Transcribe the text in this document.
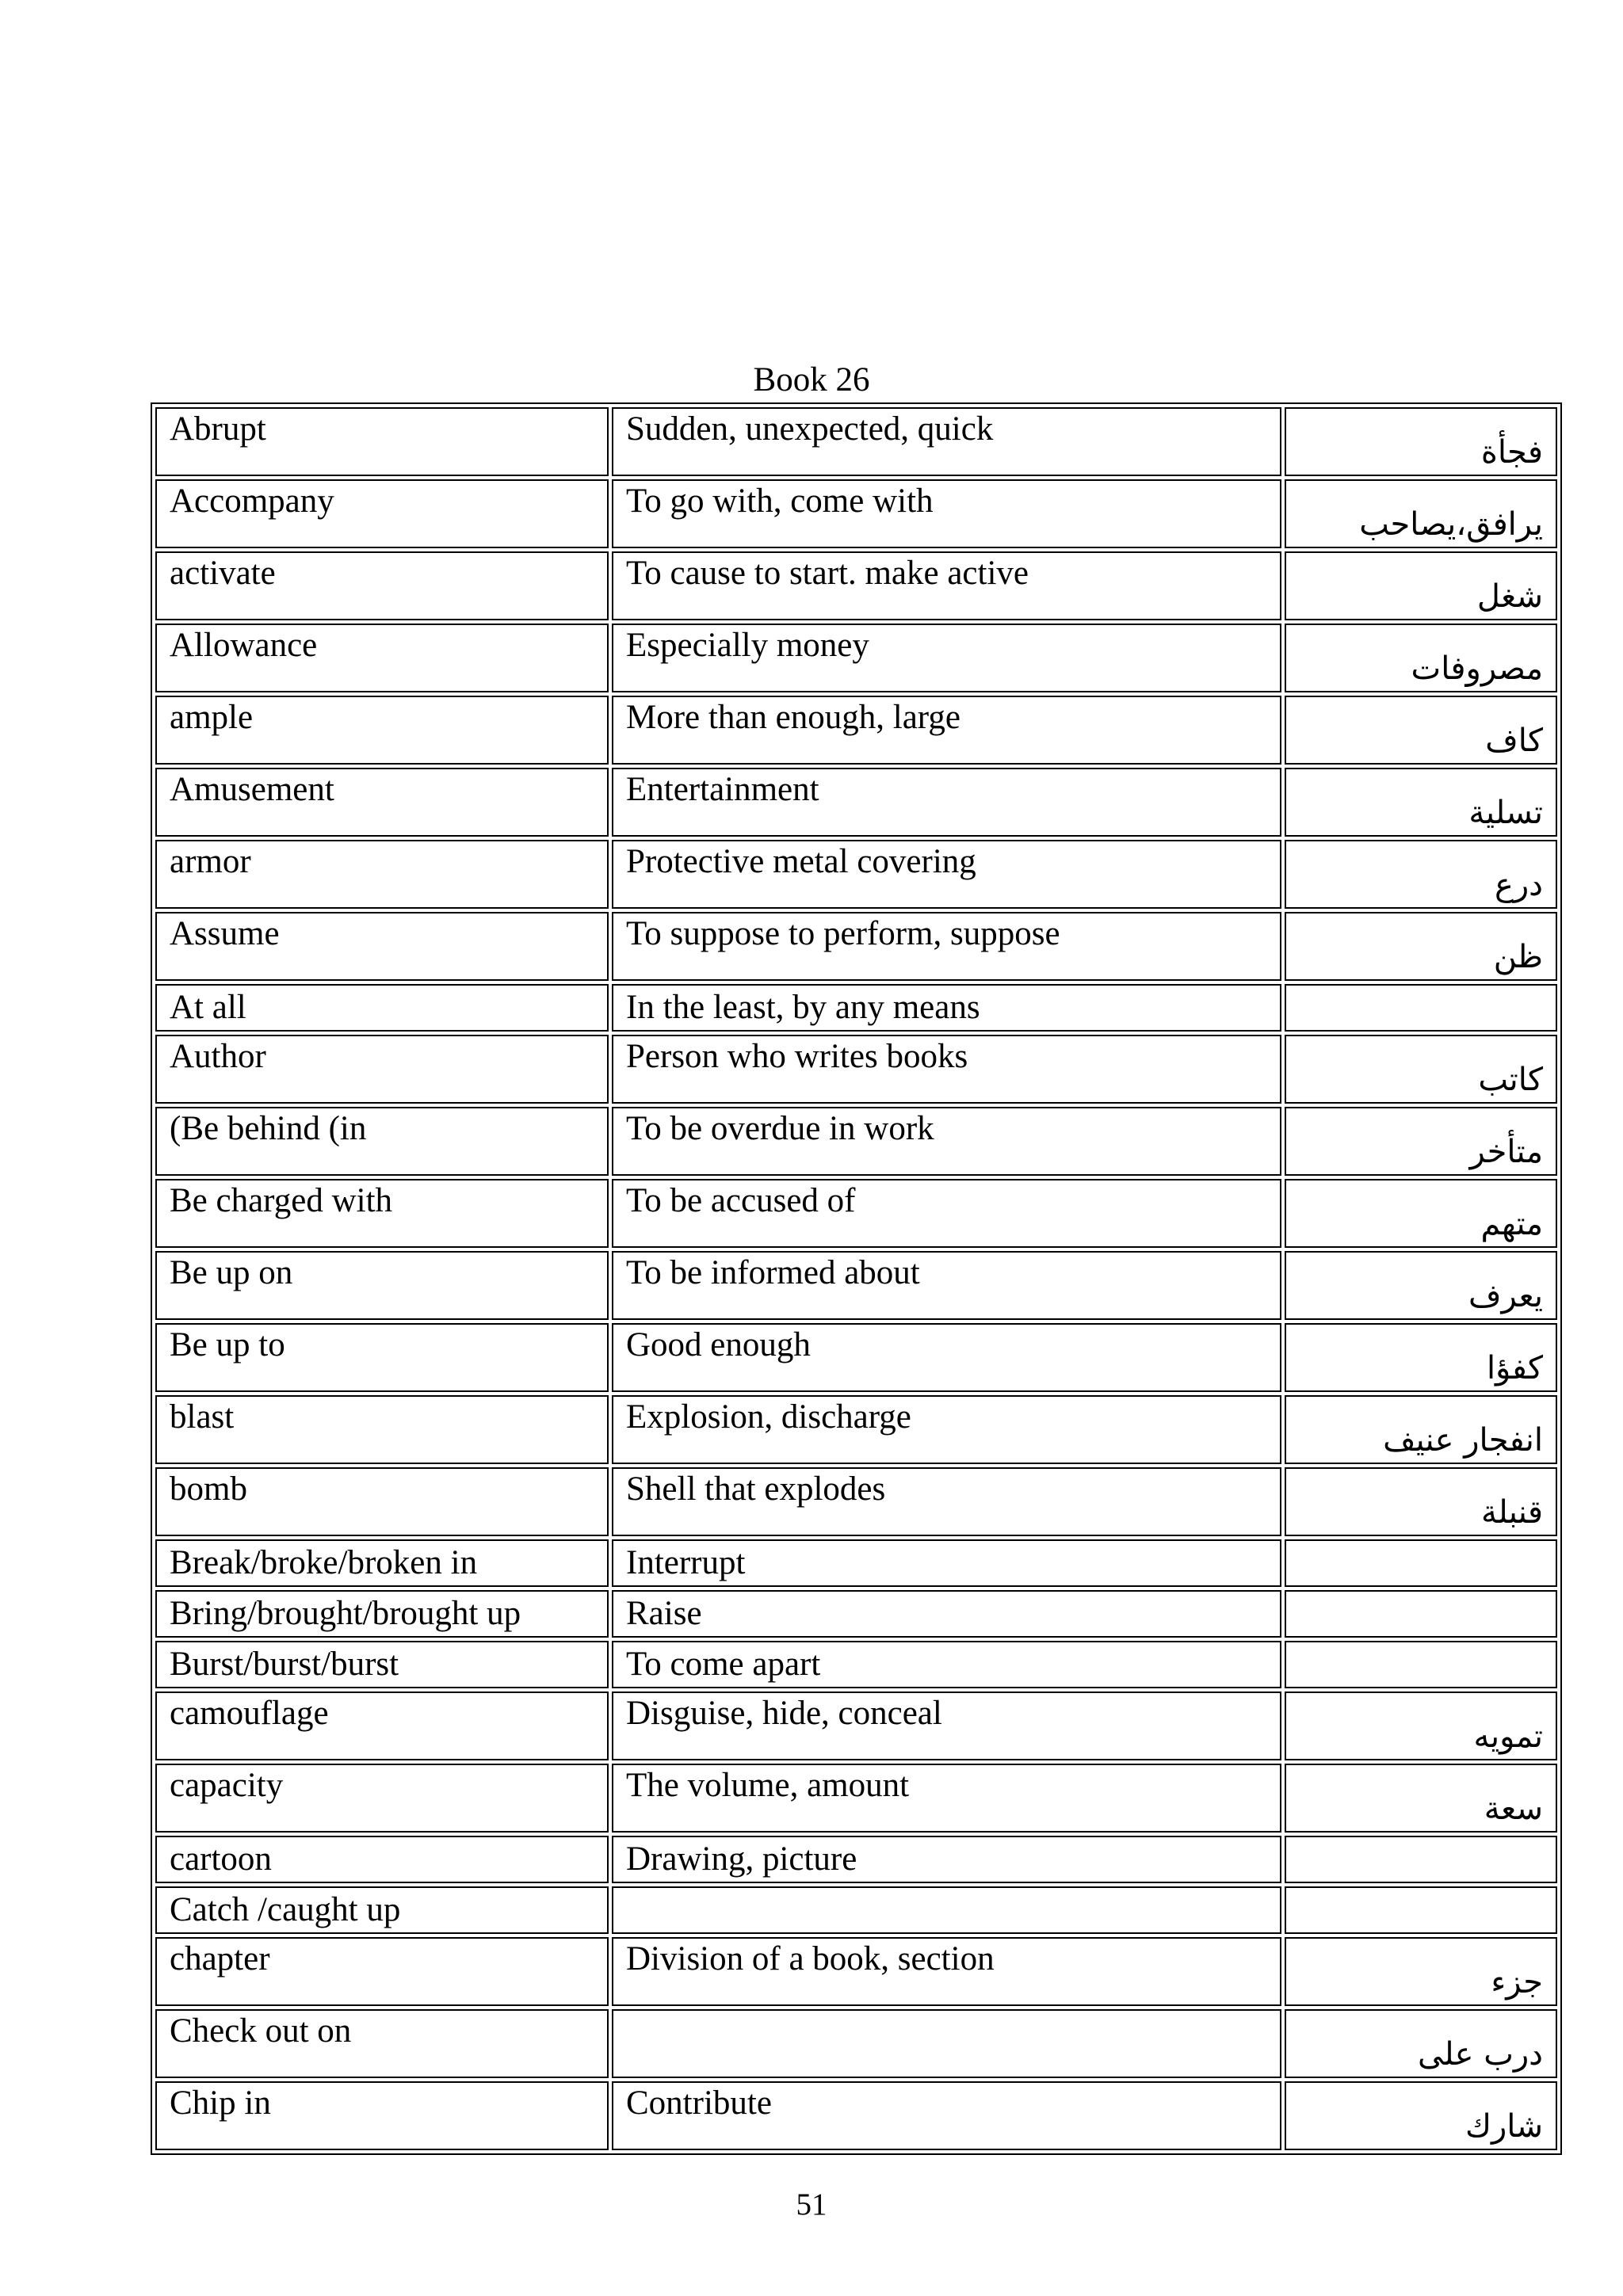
Book 26
Abrupt	Sudden, unexpected, quick	فجأة
Accompany	To go with, come with	يرافق،يصاحب
activate	To cause to start. make active	شغل
Allowance	Especially money	مصروفات
ample	More than enough, large	كاف
Amusement	Entertainment	تسلية
armor	Protective metal covering	درع
Assume	To suppose to perform, suppose	ظن
At all	In the least, by any means	
Author	Person who writes books	كاتب
(Be behind (in	To be overdue in work	متأخر
Be charged with	To be accused of	متهم
Be up on	To be informed about	يعرف
Be up to	Good enough	كفؤا
blast	Explosion, discharge	انفجار عنيف
bomb	Shell that explodes	قنبلة
Break/broke/broken in	Interrupt	
Bring/brought/brought up	Raise	
Burst/burst/burst	To come apart	
camouflage	Disguise, hide, conceal	تمويه
capacity	The volume, amount	سعة
cartoon	Drawing, picture	
Catch /caught up		
chapter	Division of a book, section	جزء
Check out on		درب على
Chip in	Contribute	شارك
51
